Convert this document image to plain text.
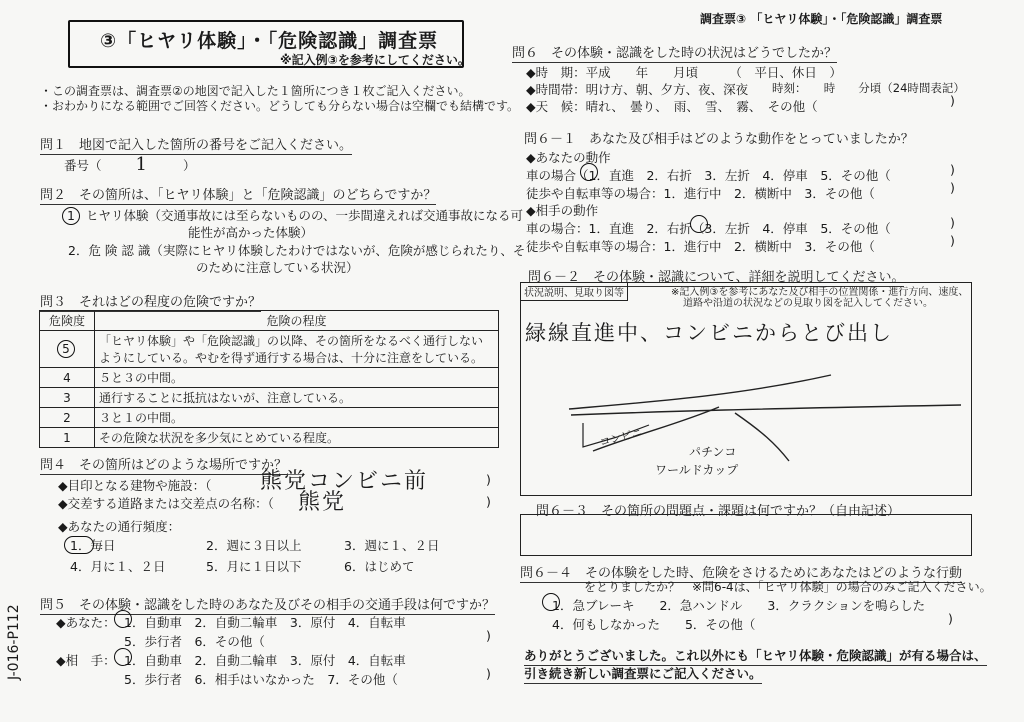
③「ヒヤリ体験」・「危険認識」調査票
※記入例③を参考にしてください。
調査票③ 「ヒヤリ体験」・「危険認識」調査票
・この調査票は、調査票②の地図で記入した１箇所につき１枚ご記入ください。
・おわかりになる範囲でご回答ください。どうしても分らない場合は空欄でも結構です。
問１　地図で記入した箇所の番号をご記入ください。
番号（ 1	）
問２　その箇所は、「ヒヤリ体験」と「危険認識」のどちらですか？
1 ヒヤリ体験（交通事故には至らないものの、一歩間違えれば交通事故になる可
能性が高かった体験）
2．危 険 認 識（実際にヒヤリ体験したわけではないが、危険が感じられたり、そ
のために注意している状況）
問３　それはどの程度の危険ですか？
危険度	危険の程度
5	「ヒヤリ体験」や「危険認識」の以降、その箇所をなるべく通行しない
ようにしている。やむを得ず通行する場合は、十分に注意をしている。

4	５と３の中間。
3	通行することに抵抗はないが、注意している。
2	３と１の中間。
1	その危険な状況を多少気にとめている程度。
問４　その箇所はどのような場所ですか？
◆目印となる建物や施設：（ 熊党コンビニ前	)
◆交差する道路または交差点の名称：（ 熊党	)
◆あなたの通行頻度：
1．毎日	2．週に３日以上	3．週に１、２日
4．月に１、２日	5．月に１日以下	6．はじめて
問５　その体験・認識をした時のあなた及びその相手の交通手段は何ですか？
◆あなた： 1．自動車　2．自動二輪車　3．原付　4．自転車
5．歩行者　6．その他（	)
◆相　手： 1．自動車　2．自動二輪車　3．原付　4．自転車
5．歩行者　6．相手はいなかった　7．その他（	)
問６　その体験・認識をした時の状況はどうでしたか？
◆時　期：平成　　年　　月頃　　　（　平日、休日　）
◆時間帯：明け方、朝、夕方、夜、深夜 時刻：　　時　　分頃（24時間表記）
◆天　候：晴れ、　曇り、　雨、　雪、　霧、　その他（	)
問６－１　あなた及び相手はどのような動作をとっていましたか？
◆あなたの動作
車の場合（1．直進　2．右折　3．左折　4．停車　5．その他（	)
徒歩や自転車等の場合：1．進行中　2．横断中　3．その他（	)
◆相手の動作
車の場合：1．直進　2．右折（3．左折　4．停車　5．その他（	)
徒歩や自転車等の場合：1．進行中　2．横断中　3．その他（	)
問６－２　その体験・認識について、詳細を説明してください。
状況説明、見取り図等	※記入例③を参考にあなた及び相手の位置関係・進行方向、速度、
道路や沿道の状況などの見取り図を記入してください。
緑線直進中、コンビニからとび出し
コンビニ
パチンコ
ワールドカップ
問６－３　その箇所の問題点・課題は何ですか？（自由記述）
問６－４　その体験をした時、危険をさけるためにあなたはどのような行動
をとりましたか？　※問6-4は、「ヒヤリ体験」の場合のみご記入ください。
1．急ブレーキ　　2．急ハンドル　　3．クラクションを鳴らした
4．何もしなかった　　5．その他（	)
ありがとうございました。これ以外にも「ヒヤリ体験・危険認識」が有る場合は、
引き続き新しい調査票にご記入ください。
J-016-P112
